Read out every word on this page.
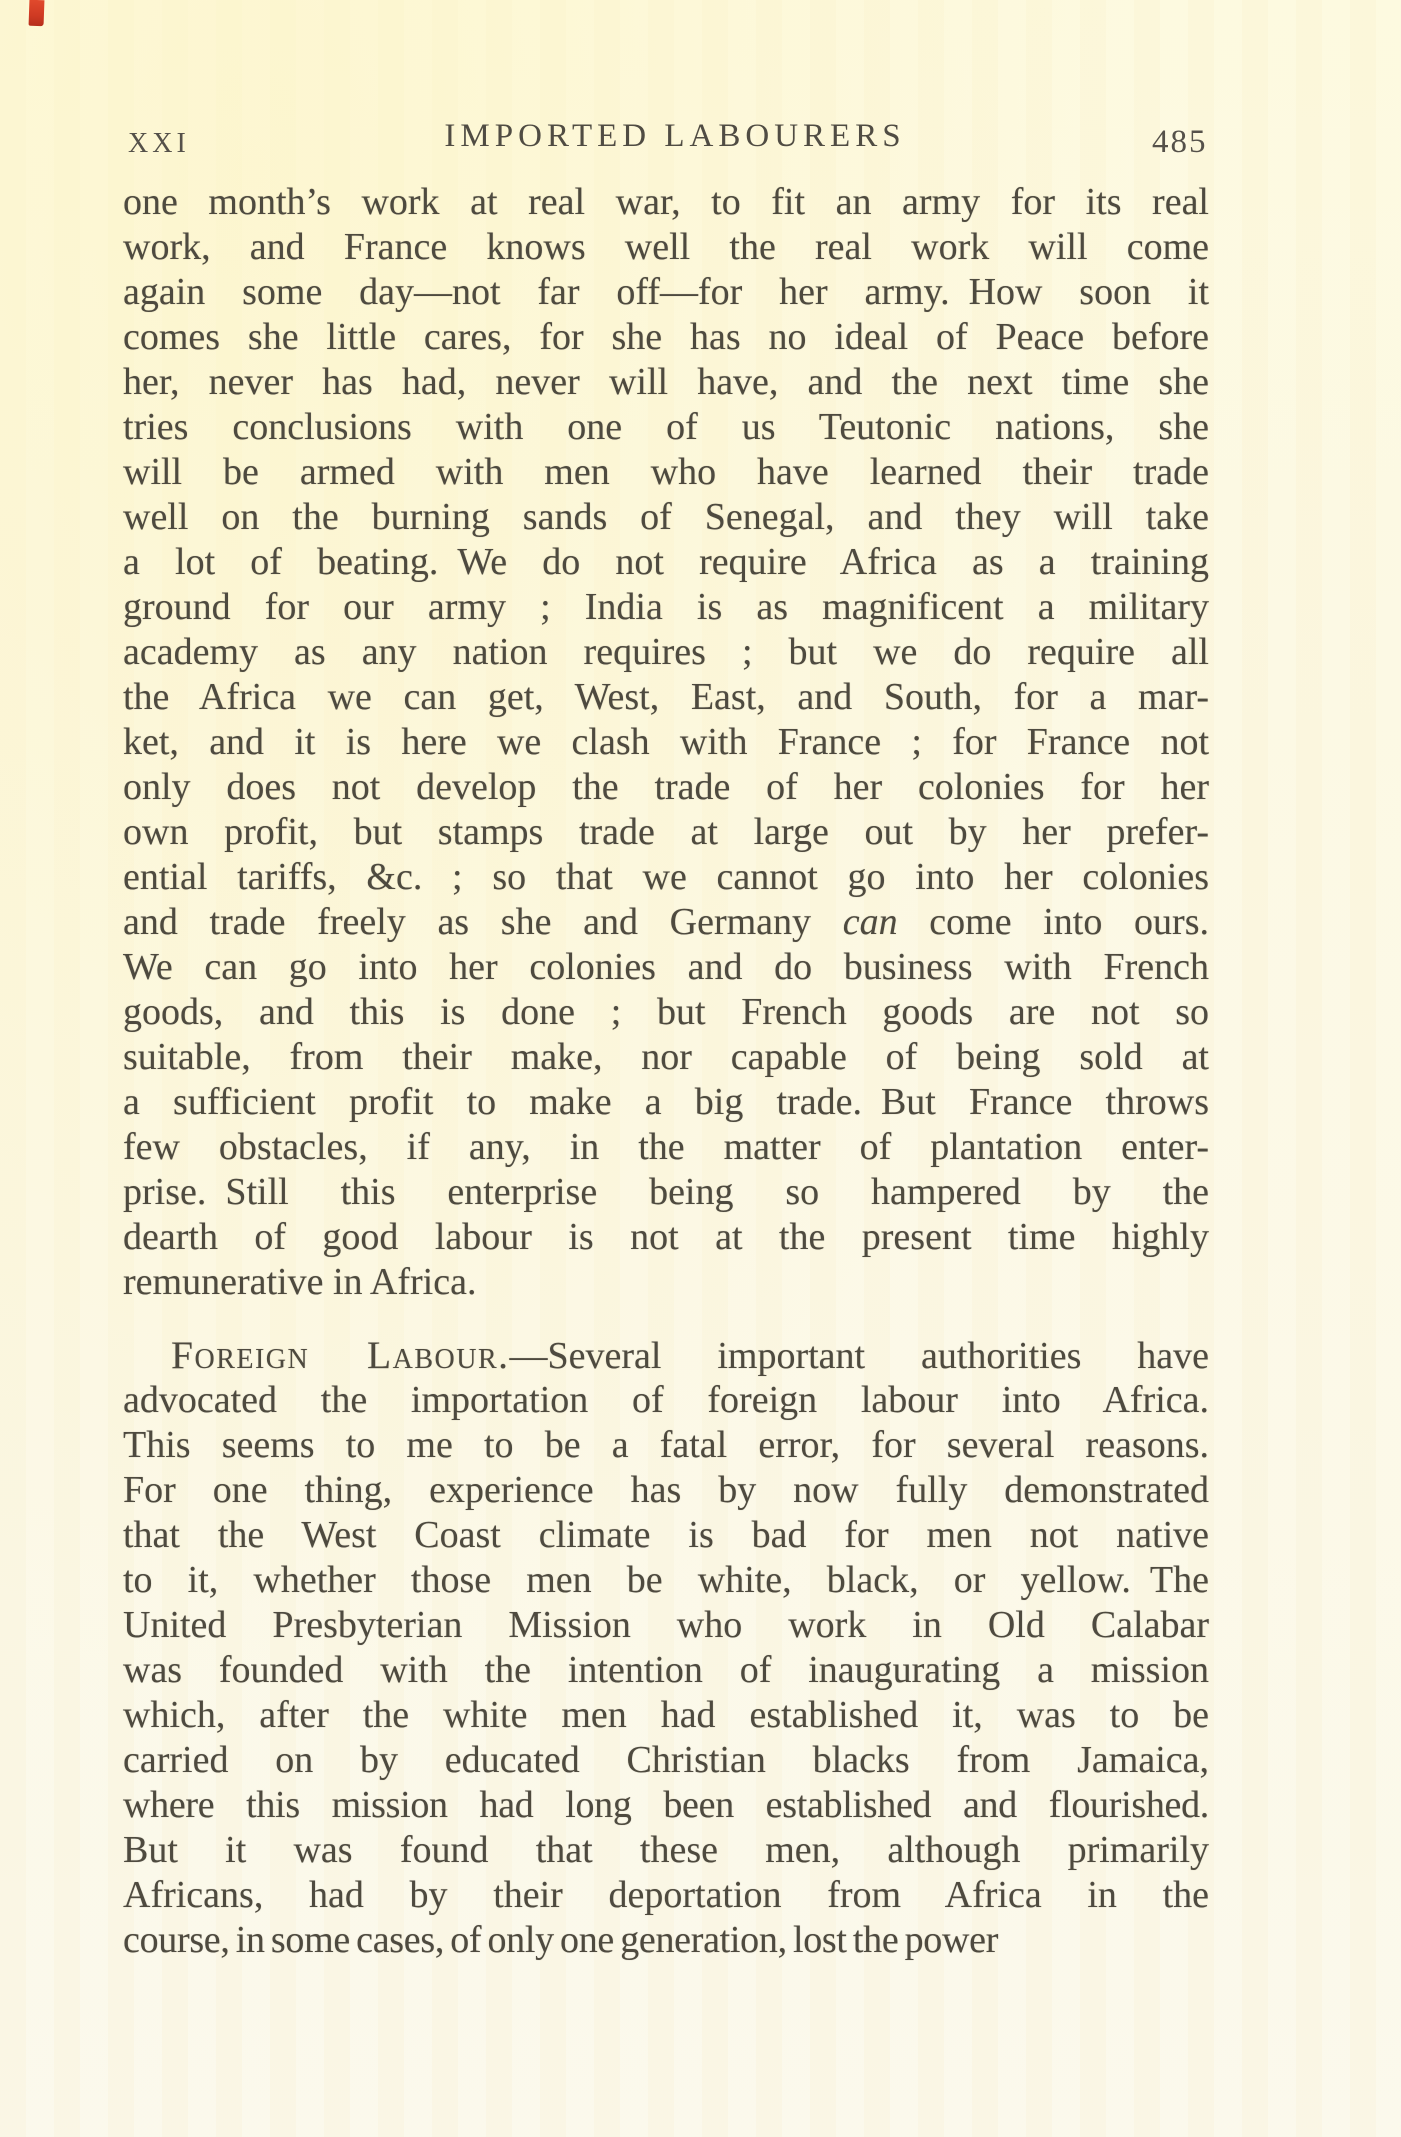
XXI	IMPORTED LABOURERS	485
one month’s work at real war, to fit an army for its real
work, and France knows well the real work will come
again some day—not far off—for her army. How soon it
comes she little cares, for she has no ideal of Peace before
her, never has had, never will have, and the next time she
tries conclusions with one of us Teutonic nations, she
will be armed with men who have learned their trade
well on the burning sands of Senegal, and they will take
a lot of beating. We do not require Africa as a training
ground for our army ; India is as magnificent a military
academy as any nation requires ; but we do require all
the Africa we can get, West, East, and South, for a mar-
ket, and it is here we clash with France ; for France not
only does not develop the trade of her colonies for her
own profit, but stamps trade at large out by her prefer-
ential tariffs, &c. ; so that we cannot go into her colonies
and trade freely as she and Germany can come into ours.
We can go into her colonies and do business with French
goods, and this is done ; but French goods are not so
suitable, from their make, nor capable of being sold at
a sufficient profit to make a big trade. But France throws
few obstacles, if any, in the matter of plantation enter-
prise. Still this enterprise being so hampered by the
dearth of good labour is not at the present time highly
remunerative in Africa.
Foreign Labour.—Several important authorities have
advocated the importation of foreign labour into Africa.
This seems to me to be a fatal error, for several reasons.
For one thing, experience has by now fully demonstrated
that the West Coast climate is bad for men not native
to it, whether those men be white, black, or yellow. The
United Presbyterian Mission who work in Old Calabar
was founded with the intention of inaugurating a mission
which, after the white men had established it, was to be
carried on by educated Christian blacks from Jamaica,
where this mission had long been established and flourished.
But it was found that these men, although primarily
Africans, had by their deportation from Africa in the
course, in some cases, of only one generation, lost the power
